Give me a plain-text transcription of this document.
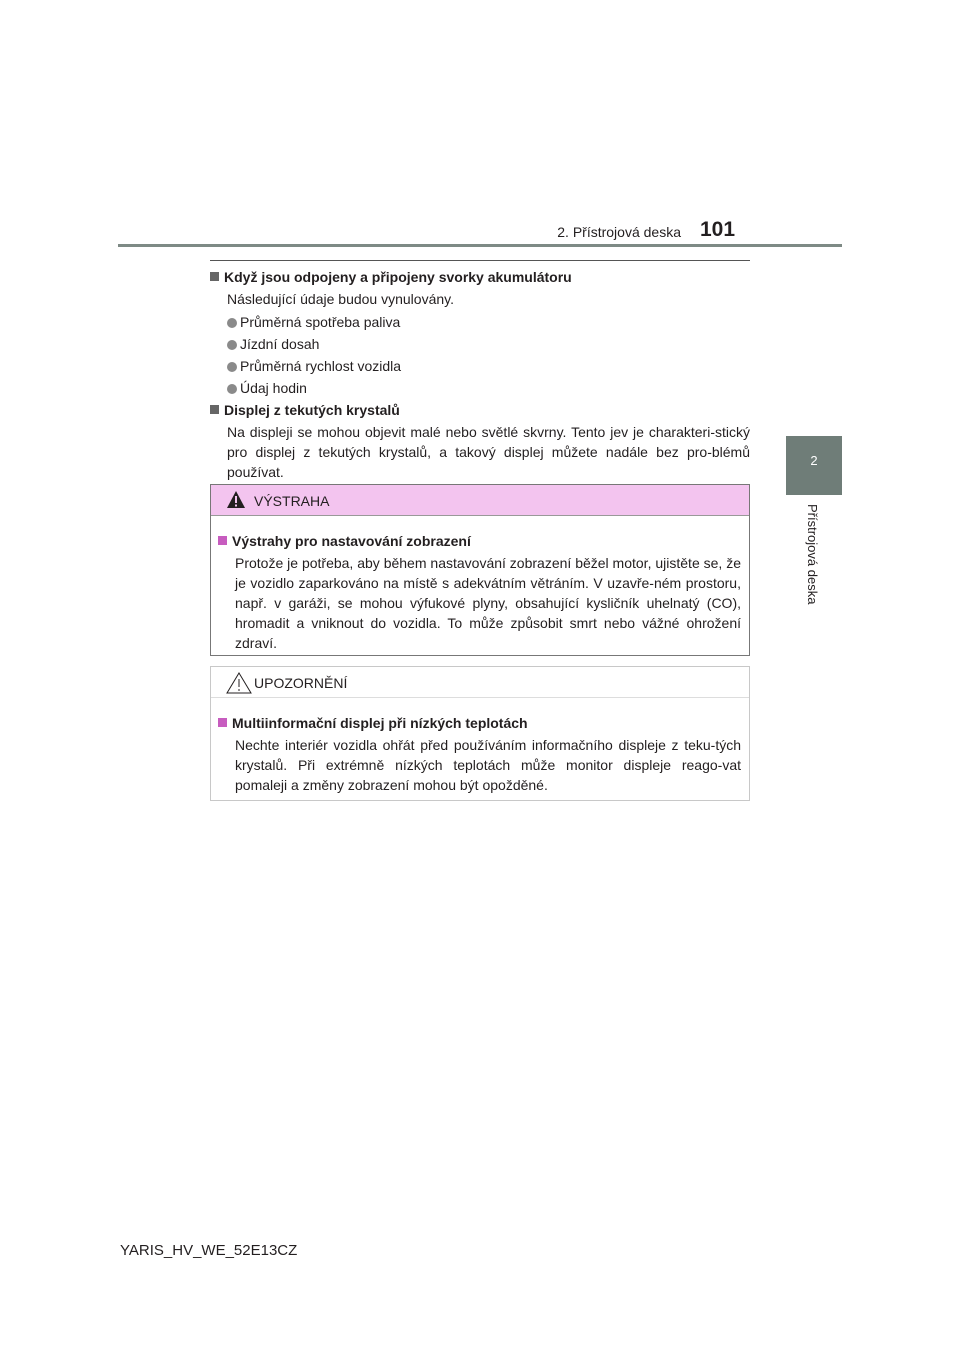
2. Přístrojová deska 101
2
Přístrojová deska
Když jsou odpojeny a připojeny svorky akumulátoru
Následující údaje budou vynulovány.
Průměrná spotřeba paliva
Jízdní dosah
Průměrná rychlost vozidla
Údaj hodin
Displej z tekutých krystalů
Na displeji se mohou objevit malé nebo světlé skvrny. Tento jev je charakteri-stický pro displej z tekutých krystalů, a takový displej můžete nadále bez pro-blémů používat.
VÝSTRAHA
Výstrahy pro nastavování zobrazení
Protože je potřeba, aby během nastavování zobrazení běžel motor, ujistěte se, že je vozidlo zaparkováno na místě s adekvátním větráním. V uzavře-ném prostoru, např. v garáži, se mohou výfukové plyny, obsahující kysličník uhelnatý (CO), hromadit a vniknout do vozidla. To může způsobit smrt nebo vážné ohrožení zdraví.
UPOZORNĚNÍ
Multiinformační displej při nízkých teplotách
Nechte interiér vozidla ohřát před používáním informačního displeje z teku-tých krystalů. Při extrémně nízkých teplotách může monitor displeje reago-vat pomaleji a změny zobrazení mohou být opožděné.
YARIS_HV_WE_52E13CZ
